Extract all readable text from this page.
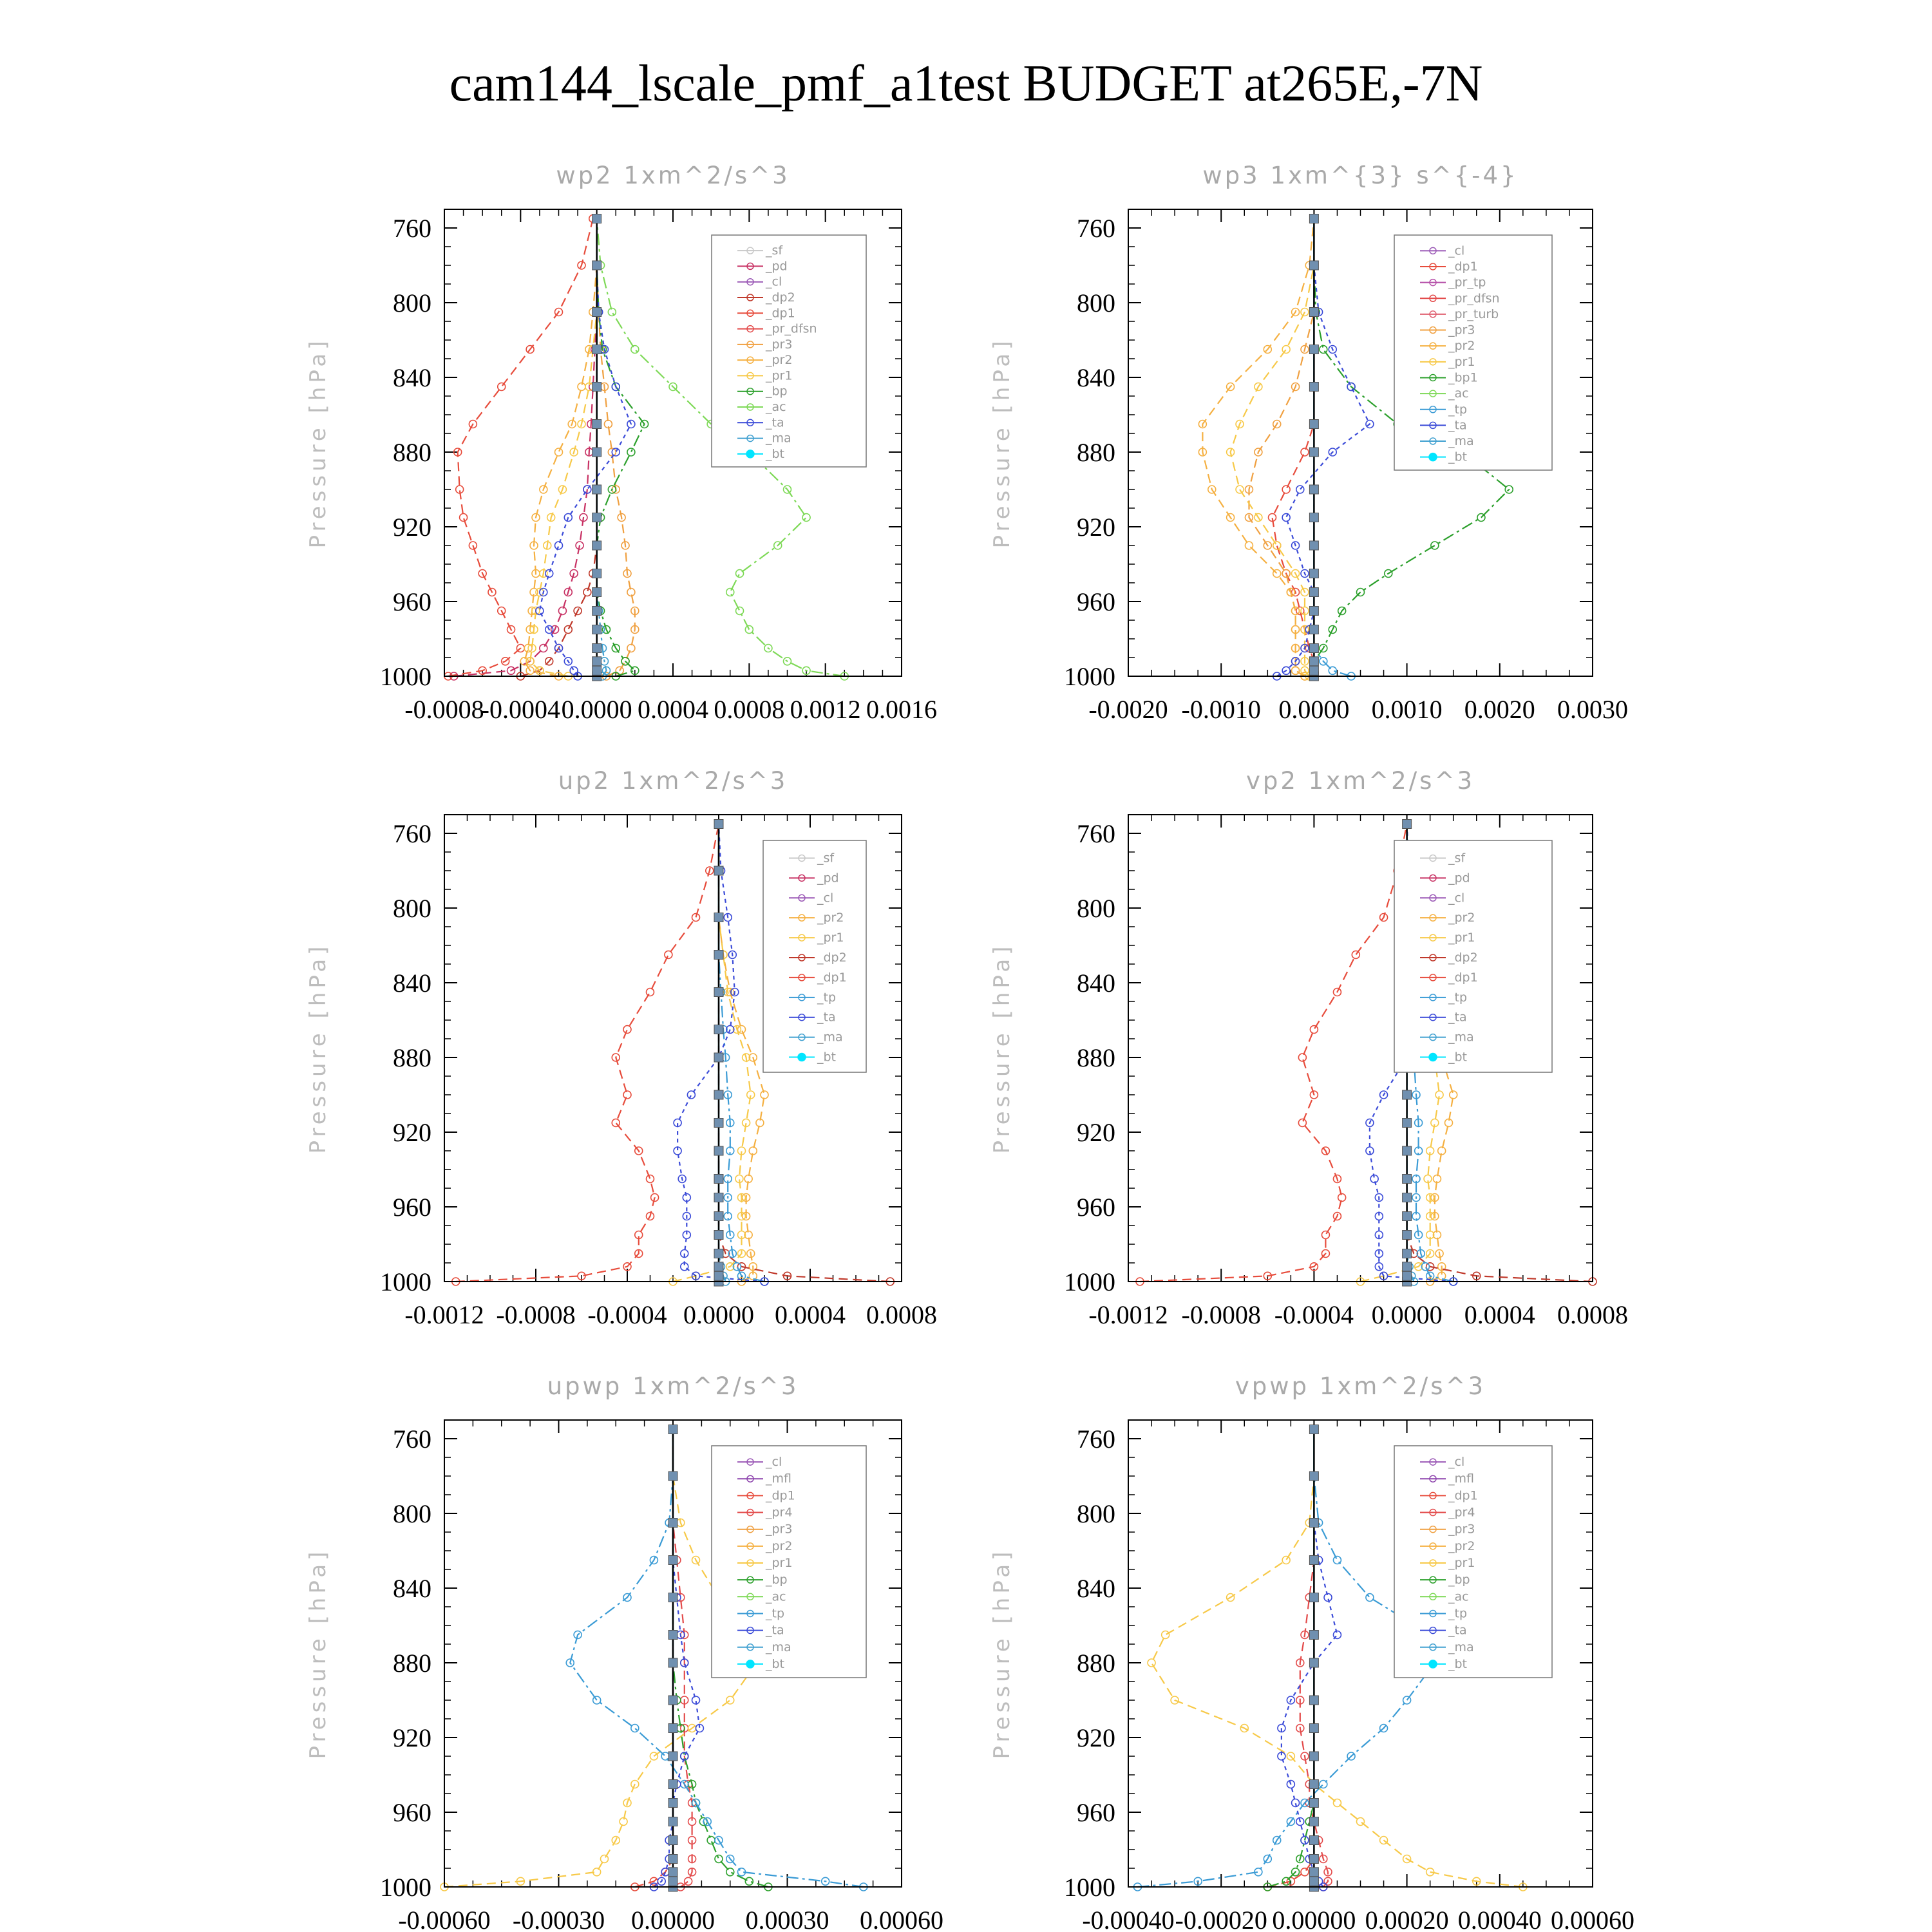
cam144_lscale_pmf_a1test BUDGET at265E,-7N
wp2 1xm^2/s^3
Pressure [hPa]
760
800
840
880
920
960
1000
-0.0008
-0.0004 0.0000 0.0004 0.0008 0.0012 0.0016
_sf
_pd
_cl
_dp2
_dp1
_pr_dfsn
_pr3
_pr2
_pr1
_bp
_ac
_ta
_ma
_bt
wp3 1xm^{3} s^{-4}
Pressure [hPa]
760
800
840
880
920
960
1000
-0.0020 -0.0010 0.0000 0.0010 0.0020 0.0030
_cl
_dp1
_pr_tp
_pr_dfsn
_pr_turb
_pr3
_pr2
_pr1
_bp1
_ac
_tp
_ta
_ma
_bt
up2 1xm^2/s^3
Pressure [hPa]
760
800
840
880
920
960
1000
-0.0012 -0.0008 -0.0004 0.0000 0.0004 0.0008
_sf
_pd
_cl
_pr2
_pr1
_dp2
_dp1
_tp
_ta
_ma
_bt
vp2 1xm^2/s^3
Pressure [hPa]
760
800
840
880
920
960
1000
-0.0012 -0.0008 -0.0004 0.0000 0.0004 0.0008
_sf
_pd
_cl
_pr2
_pr1
_dp2
_dp1
_tp
_ta
_ma
_bt
upwp 1xm^2/s^3
Pressure [hPa]
760
800
840
880
920
960
1000
-0.00060 -0.00030 0.00000 0.00030 0.00060
_cl
_mfl
_dp1
_pr4
_pr3
_pr2
_pr1
_bp
_ac
_tp
_ta
_ma
_bt
vpwp 1xm^2/s^3
Pressure [hPa]
760
800
840
880
920
960
1000
-0.00040 -0.00020 0.00000 0.00020 0.00040 0.00060
_cl
_mfl
_dp1
_pr4
_pr3
_pr2
_pr1
_bp
_ac
_tp
_ta
_ma
_bt
